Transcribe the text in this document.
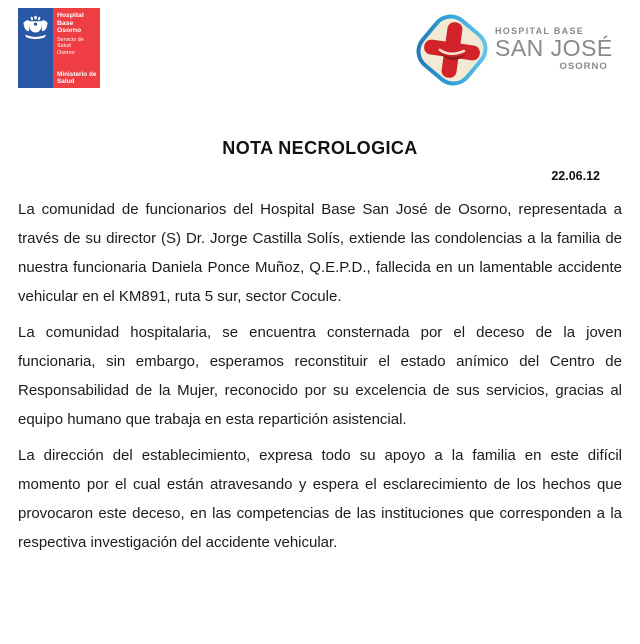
Hospital Base
Osorno
Servicio de Salud
Osorno
Ministerio de
Salud
HOSPITAL BASE
SAN JOSÉ
OSORNO
NOTA NECROLOGICA
22.06.12

La comunidad de funcionarios del Hospital Base San José de Osorno, representada a través de su director (S) Dr. Jorge Castilla Solís, extiende las condolencias a la familia de nuestra funcionaria Daniela Ponce Muñoz, Q.E.P.D., fallecida en un lamentable accidente vehicular en el KM891, ruta 5 sur, sector Cocule.

La comunidad hospitalaria, se encuentra consternada por el deceso de la joven funcionaria, sin embargo, esperamos reconstituir el estado anímico del Centro de Responsabilidad de la Mujer, reconocido por su excelencia de sus servicios, gracias al equipo humano que trabaja en esta repartición asistencial.

La dirección del establecimiento, expresa todo su apoyo a la familia en este difícil momento por el cual están atravesando y espera el esclarecimiento de los hechos que provocaron este deceso, en las competencias de las instituciones que corresponden a la respectiva investigación del accidente vehicular.
